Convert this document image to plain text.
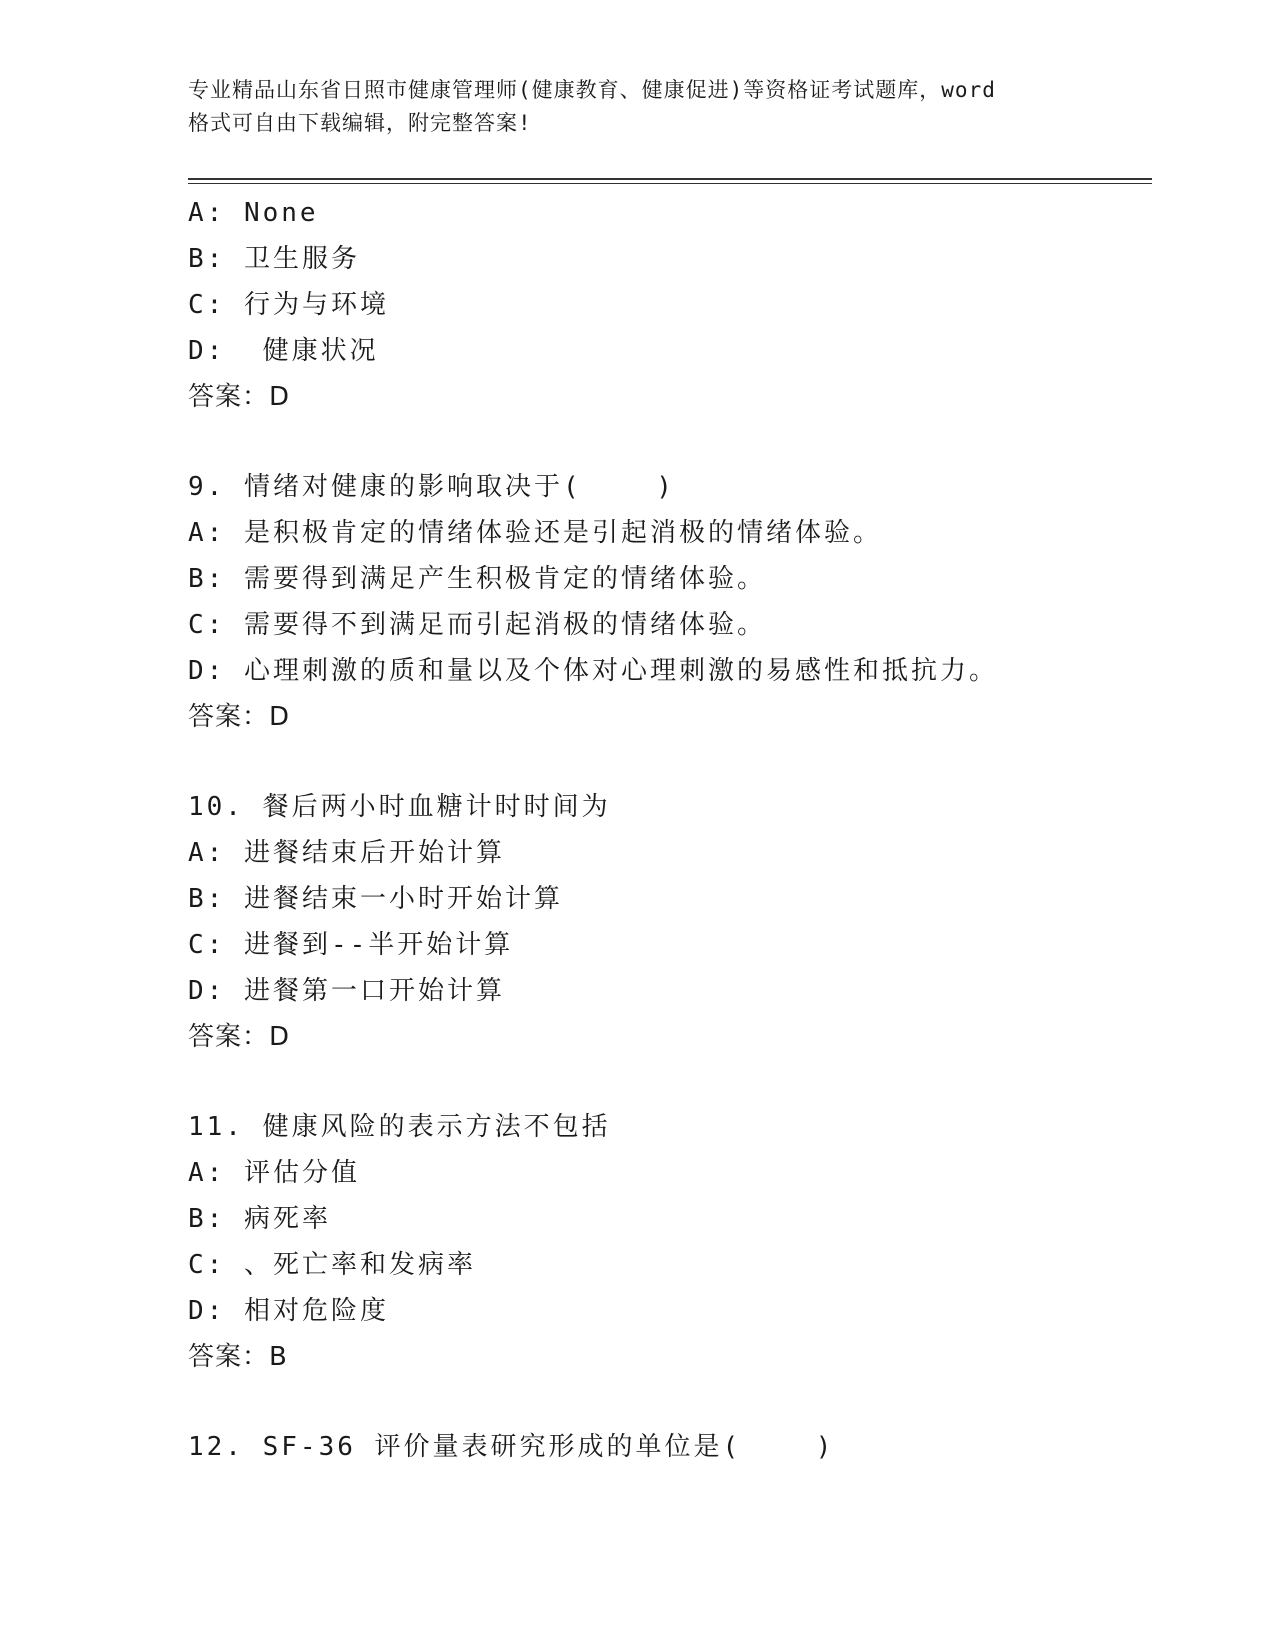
专业精品山东省日照市健康管理师(健康教育、健康促进)等资格证考试题库，word
格式可自由下载编辑，附完整答案!
A: None
B: 卫生服务
C: 行为与环境
D:  健康状况
答案：D
9. 情绪对健康的影响取决于(    )
A: 是积极肯定的情绪体验还是引起消极的情绪体验。
B: 需要得到满足产生积极肯定的情绪体验。
C: 需要得不到满足而引起消极的情绪体验。
D: 心理刺激的质和量以及个体对心理刺激的易感性和抵抗力。
答案：D
10. 餐后两小时血糖计时时间为
A: 进餐结束后开始计算
B: 进餐结束一小时开始计算
C: 进餐到--半开始计算
D: 进餐第一口开始计算
答案：D
11. 健康风险的表示方法不包括
A: 评估分值
B: 病死率
C: 、死亡率和发病率
D: 相对危险度
答案：B
12. SF-36 评价量表研究形成的单位是(    )
